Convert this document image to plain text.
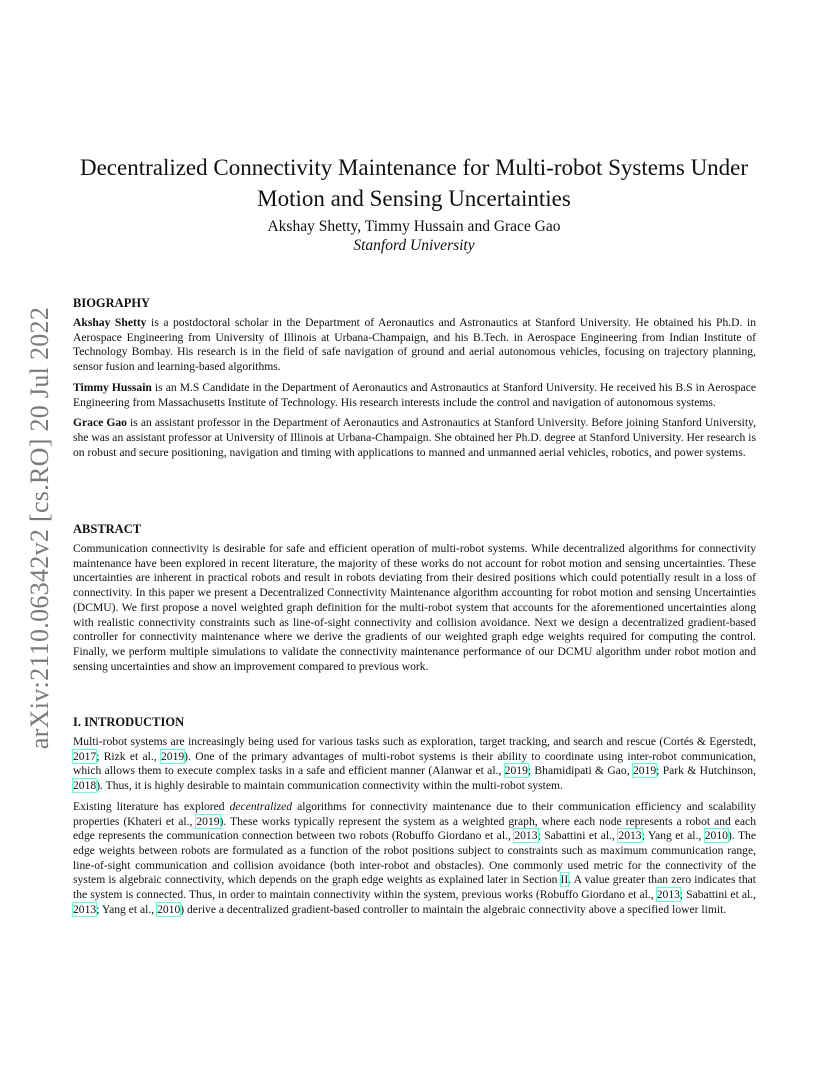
arXiv:2110.06342v2 [cs.RO] 20 Jul 2022
Decentralized Connectivity Maintenance for Multi-robot Systems Under Motion and Sensing Uncertainties
Akshay Shetty, Timmy Hussain and Grace Gao
Stanford University
BIOGRAPHY

Akshay Shetty is a postdoctoral scholar in the Department of Aeronautics and Astronautics at Stanford University. He obtained his Ph.D. in Aerospace Engineering from University of Illinois at Urbana-Champaign, and his B.Tech. in Aerospace Engineering from Indian Institute of Technology Bombay. His research is in the field of safe navigation of ground and aerial autonomous vehicles, focusing on trajectory planning, sensor fusion and learning-based algorithms.

Timmy Hussain is an M.S Candidate in the Department of Aeronautics and Astronautics at Stanford University. He received his B.S in Aerospace Engineering from Massachusetts Institute of Technology. His research interests include the control and navigation of autonomous systems.

Grace Gao is an assistant professor in the Department of Aeronautics and Astronautics at Stanford University. Before joining Stanford University, she was an assistant professor at University of Illinois at Urbana-Champaign. She obtained her Ph.D. degree at Stanford University. Her research is on robust and secure positioning, navigation and timing with applications to manned and unmanned aerial vehicles, robotics, and power systems.

ABSTRACT

Communication connectivity is desirable for safe and efficient operation of multi-robot systems. While decentralized algorithms for connectivity maintenance have been explored in recent literature, the majority of these works do not account for robot motion and sensing uncertainties. These uncertainties are inherent in practical robots and result in robots deviating from their desired positions which could potentially result in a loss of connectivity. In this paper we present a Decentralized Connectivity Maintenance algorithm accounting for robot motion and sensing Uncertainties (DCMU). We first propose a novel weighted graph definition for the multi-robot system that accounts for the aforementioned uncertainties along with realistic connectivity constraints such as line-of-sight connectivity and collision avoidance. Next we design a decentralized gradient-based controller for connectivity maintenance where we derive the gradients of our weighted graph edge weights required for computing the control. Finally, we perform multiple simulations to validate the connectivity maintenance performance of our DCMU algorithm under robot motion and sensing uncertainties and show an improvement compared to previous work.

I. INTRODUCTION

Multi-robot systems are increasingly being used for various tasks such as exploration, target tracking, and search and rescue (Cortés & Egerstedt, 2017; Rizk et al., 2019). One of the primary advantages of multi-robot systems is their ability to coordinate using inter-robot communication, which allows them to execute complex tasks in a safe and efficient manner (Alanwar et al., 2019; Bhamidipati & Gao, 2019; Park & Hutchinson, 2018). Thus, it is highly desirable to maintain communication connectivity within the multi-robot system.

Existing literature has explored decentralized algorithms for connectivity maintenance due to their communication efficiency and scalability properties (Khateri et al., 2019). These works typically represent the system as a weighted graph, where each node represents a robot and each edge represents the communication connection between two robots (Robuffo Giordano et al., 2013; Sabattini et al., 2013; Yang et al., 2010). The edge weights between robots are formulated as a function of the robot positions subject to constraints such as maximum communication range, line-of-sight communication and collision avoidance (both inter-robot and obstacles). One commonly used metric for the connectivity of the system is algebraic connectivity, which depends on the graph edge weights as explained later in Section II. A value greater than zero indicates that the system is connected. Thus, in order to maintain connectivity within the system, previous works (Robuffo Giordano et al., 2013; Sabattini et al., 2013; Yang et al., 2010) derive a decentralized gradient-based controller to maintain the algebraic connectivity above a specified lower limit.
